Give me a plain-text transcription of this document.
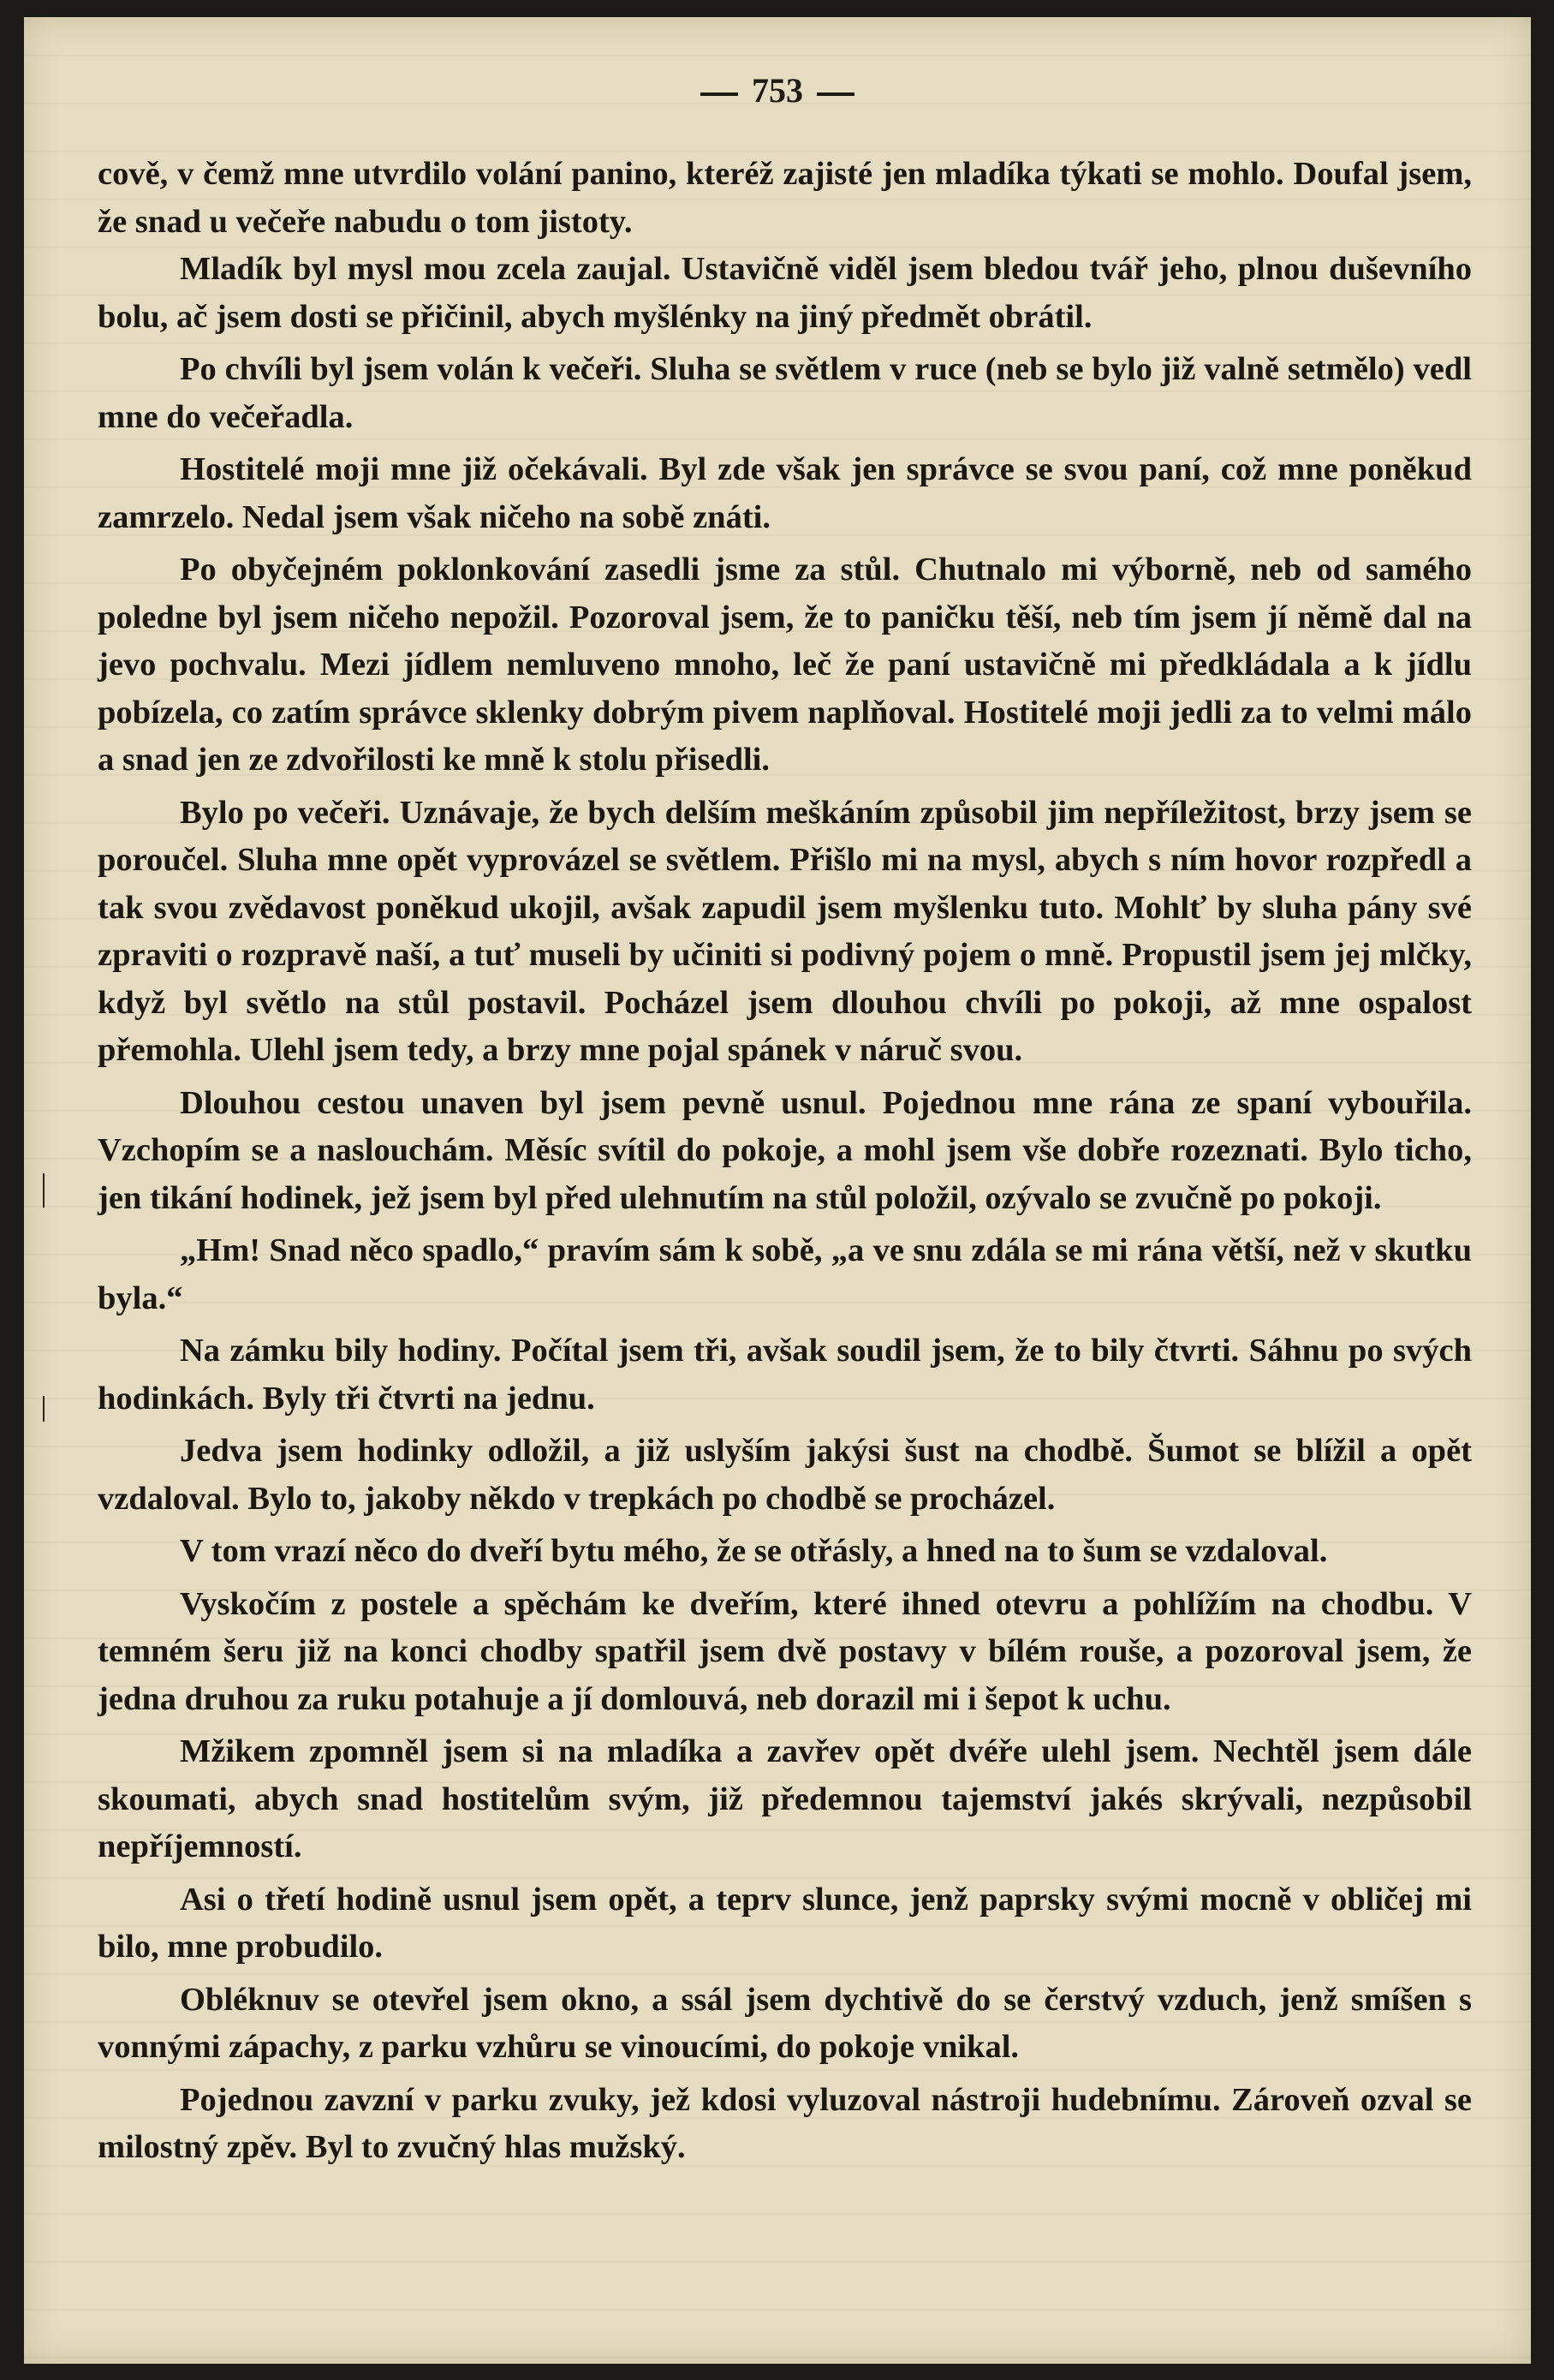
753

cově, v čemž mne utvrdilo volání panino, kteréž zajisté jen mladíka týkati se mohlo. Doufal jsem, že snad u večeře nabudu o tom jistoty.

Mladík byl mysl mou zcela zaujal. Ustavičně viděl jsem bledou tvář jeho, plnou duševního bolu, ač jsem dosti se přičinil, abych myšlénky na jiný předmět obrátil.

Po chvíli byl jsem volán k večeři. Sluha se světlem v ruce (neb se bylo již valně setmělo) vedl mne do večeřadla.

Hostitelé moji mne již očekávali. Byl zde však jen správce se svou paní, což mne poněkud zamrzelo. Nedal jsem však ničeho na sobě znáti.

Po obyčejném poklonkování zasedli jsme za stůl. Chutnalo mi výborně, neb od samého poledne byl jsem ničeho nepožil. Pozoroval jsem, že to paničku těší, neb tím jsem jí němě dal na jevo pochvalu. Mezi jídlem nemluveno mnoho, leč že paní ustavičně mi předkládala a k jídlu pobízela, co zatím správce sklenky dobrým pivem naplňoval. Hostitelé moji jedli za to velmi málo a snad jen ze zdvořilosti ke mně k stolu přisedli.

Bylo po večeři. Uznávaje, že bych delším meškáním způsobil jim nepříležitost, brzy jsem se poroučel. Sluha mne opět vyprovázel se světlem. Přišlo mi na mysl, abych s ním hovor rozpředl a tak svou zvědavost poněkud ukojil, avšak zapudil jsem myšlenku tuto. Mohlť by sluha pány své zpraviti o rozpravě naší, a tuť museli by učiniti si podivný pojem o mně. Propustil jsem jej mlčky, když byl světlo na stůl postavil. Pocházel jsem dlouhou chvíli po pokoji, až mne ospalost přemohla. Ulehl jsem tedy, a brzy mne pojal spánek v náruč svou.

Dlouhou cestou unaven byl jsem pevně usnul. Pojednou mne rána ze spaní vybouřila. Vzchopím se a naslouchám. Měsíc svítil do pokoje, a mohl jsem vše dobře rozeznati. Bylo ticho, jen tikání hodinek, jež jsem byl před ulehnutím na stůl položil, ozývalo se zvučně po pokoji.

„Hm! Snad něco spadlo,“ pravím sám k sobě, „a ve snu zdála se mi rána větší, než v skutku byla.“

Na zámku bily hodiny. Počítal jsem tři, avšak soudil jsem, že to bily čtvrti. Sáhnu po svých hodinkách. Byly tři čtvrti na jednu.

Jedva jsem hodinky odložil, a již uslyším jakýsi šust na chodbě. Šumot se blížil a opět vzdaloval. Bylo to, jakoby někdo v trepkách po chodbě se procházel.

V tom vrazí něco do dveří bytu mého, že se otřásly, a hned na to šum se vzdaloval.

Vyskočím z postele a spěchám ke dveřím, které ihned otevru a pohlížím na chodbu. V temném šeru již na konci chodby spatřil jsem dvě postavy v bílém rouše, a pozoroval jsem, že jedna druhou za ruku potahuje a jí domlouvá, neb dorazil mi i šepot k uchu.

Mžikem zpomněl jsem si na mladíka a zavřev opět dvéře ulehl jsem. Nechtěl jsem dále skoumati, abych snad hostitelům svým, již předemnou tajemství jakés skrývali, nezpůsobil nepříjemností.

Asi o třetí hodině usnul jsem opět, a teprv slunce, jenž paprsky svými mocně v obličej mi bilo, mne probudilo.

Obléknuv se otevřel jsem okno, a ssál jsem dychtivě do se čerstvý vzduch, jenž smíšen s vonnými zápachy, z parku vzhůru se vinoucími, do pokoje vnikal.

Pojednou zavzní v parku zvuky, jež kdosi vyluzoval nástroji hudebnímu. Zároveň ozval se milostný zpěv. Byl to zvučný hlas mužský.
